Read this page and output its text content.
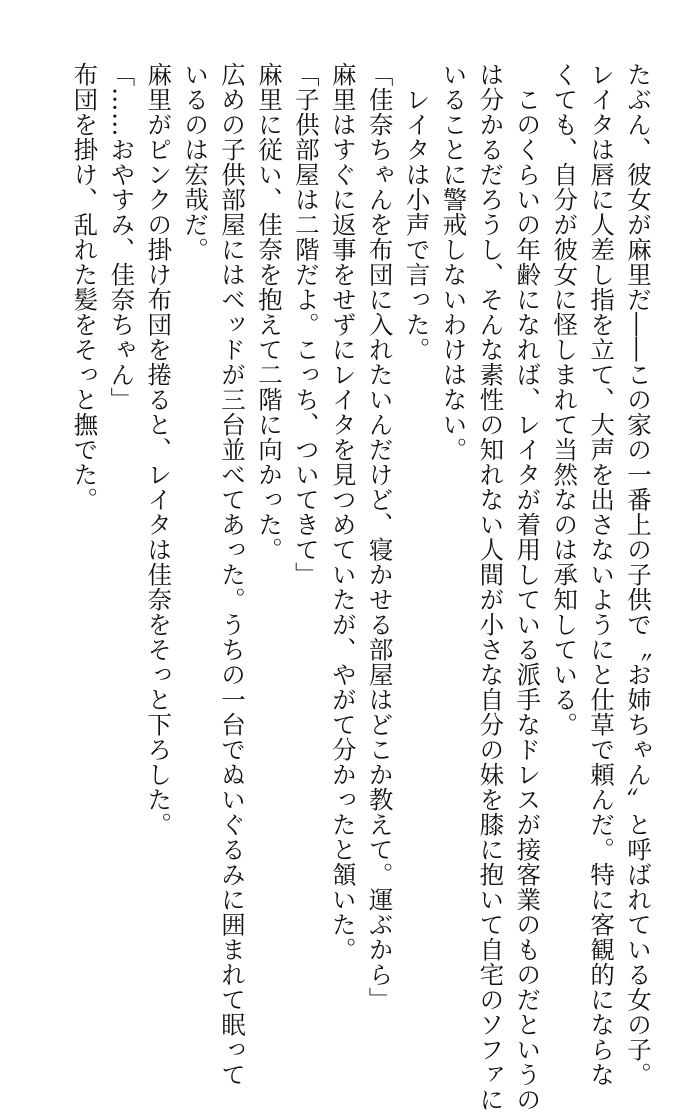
たぶん、彼女が麻里だ――この家の一番上の子供で〝お姉ちゃん〟と呼ばれている女の子。
レイタは唇に人差し指を立て、大声を出さないようにと仕草で頼んだ。特に客観的にならな
くても、自分が彼女に怪しまれて当然なのは承知している。
　このくらいの年齢になれば、レイタが着用している派手なドレスが接客業のものだというの
は分かるだろうし、そんな素性の知れない人間が小さな自分の妹を膝に抱いて自宅のソファに
いることに警戒しないわけはない。
　レイタは小声で言った。
「佳奈ちゃんを布団に入れたいんだけど、寝かせる部屋はどこか教えて。運ぶから」
麻里はすぐに返事をせずにレイタを見つめていたが、やがて分かったと頷いた。
「子供部屋は二階だよ。こっち、ついてきて」
麻里に従い、佳奈を抱えて二階に向かった。
広めの子供部屋にはベッドが三台並べてあった。うちの一台でぬいぐるみに囲まれて眠って
いるのは宏哉だ。
麻里がピンクの掛け布団を捲ると、レイタは佳奈をそっと下ろした。
「……おやすみ、佳奈ちゃん」
布団を掛け、乱れた髪をそっと撫でた。
